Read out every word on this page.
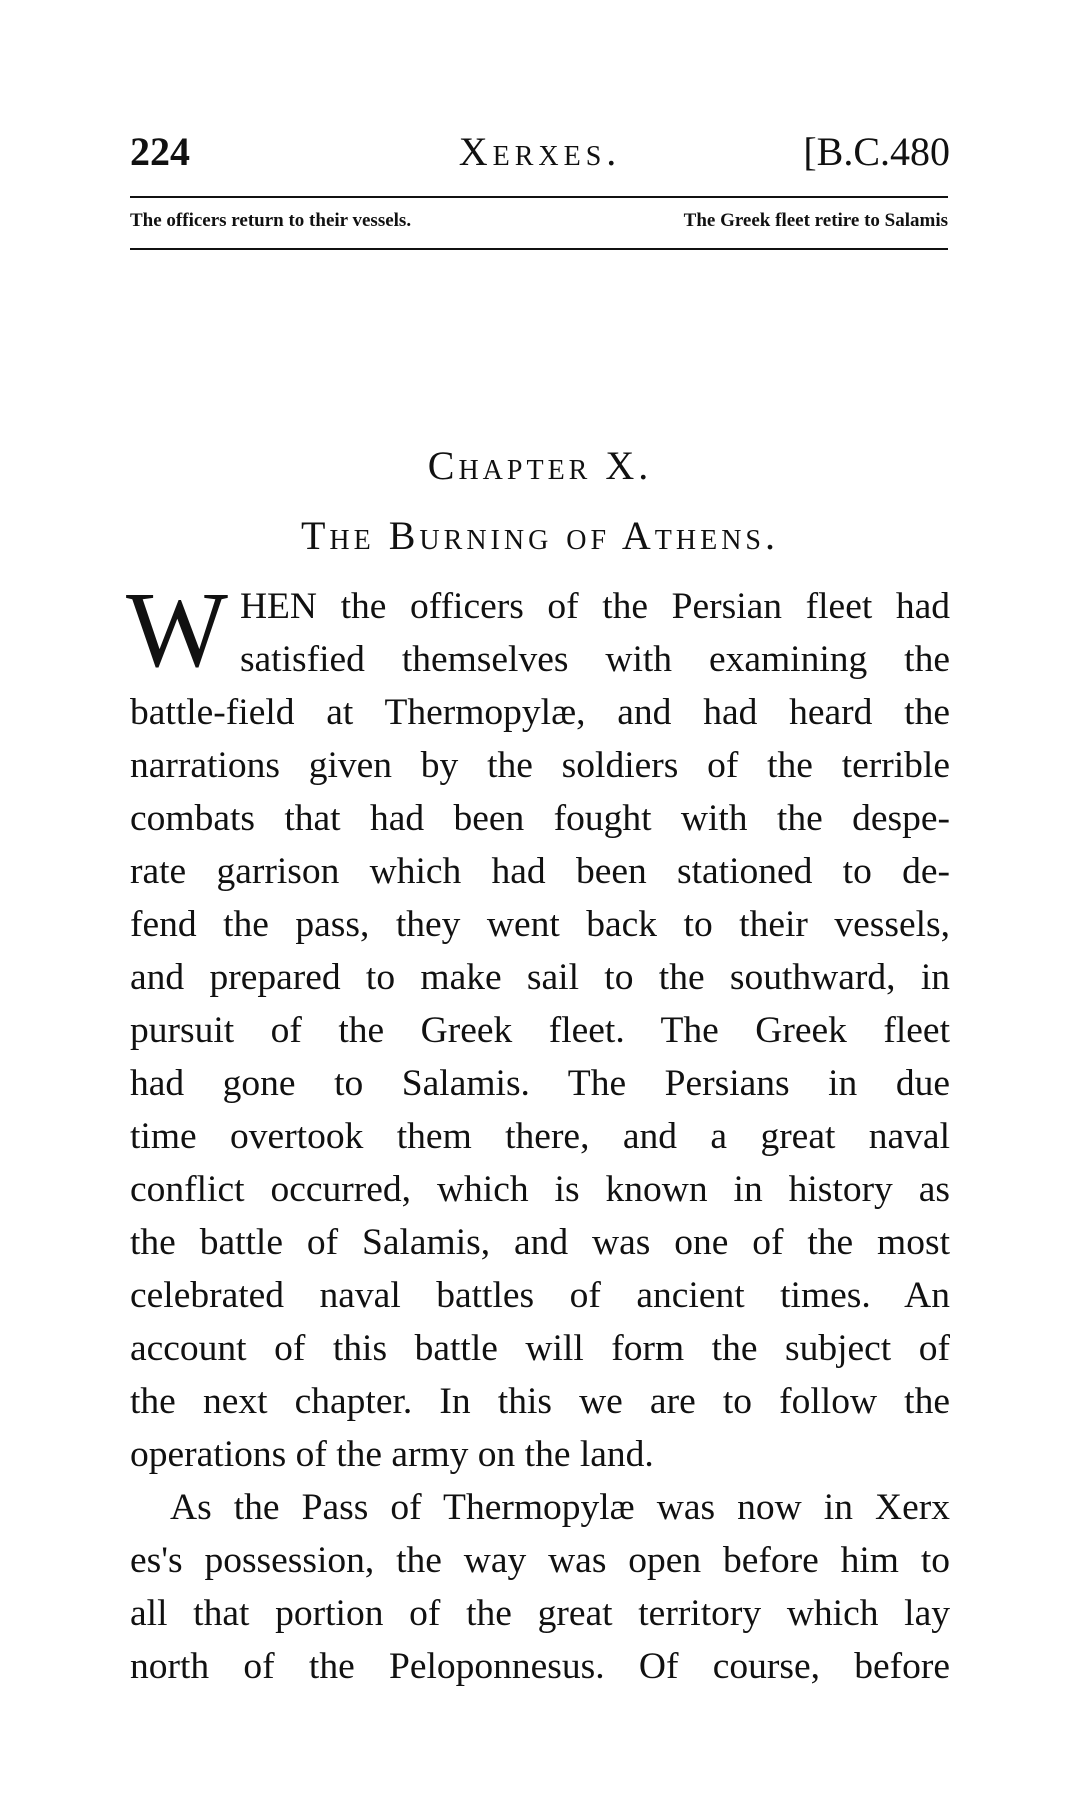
224	Xerxes.	[B.C.480
The officers return to their vessels.	The Greek fleet retire to Salamis
Chapter X.
The Burning of Athens.
W HEN the officers of the Persian fleet had
satisfied themselves with examining the
battle-field at Thermopylæ, and had heard the
narrations given by the soldiers of the terrible
combats that had been fought with the despe-
rate garrison which had been stationed to de-
fend the pass, they went back to their vessels,
and prepared to make sail to the southward, in
pursuit of the Greek fleet. The Greek fleet
had gone to Salamis. The Persians in due
time overtook them there, and a great naval
conflict occurred, which is known in history as
the battle of Salamis, and was one of the most
celebrated naval battles of ancient times. An
account of this battle will form the subject of
the next chapter. In this we are to follow the
operations of the army on the land.
As the Pass of Thermopylæ was now in Xerx
es's possession, the way was open before him to
all that portion of the great territory which lay
north of the Peloponnesus. Of course, before
